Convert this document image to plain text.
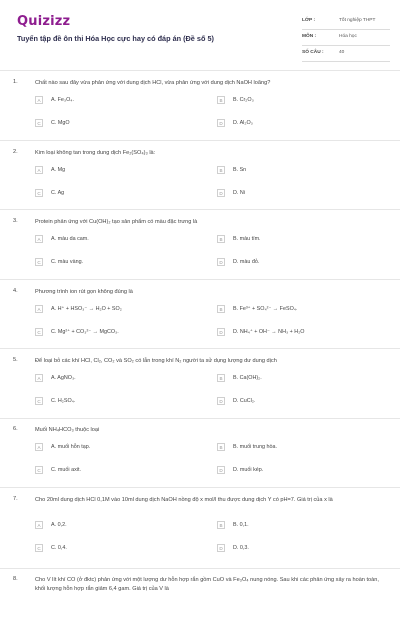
Quizizz
Tuyển tập đề ôn thi Hóa Học cực hay có đáp án (Đề số 5)
LỚP :	Tốt nghiệp THPT
MÔN :	Hóa học
SỐ CÂU :	40
1.	Chất nào sau đây vừa phản ứng với dung dịch HCl, vừa phản ứng với dung dịch NaOH loãng?
A	A. Fe₃O₄.	B	B. Cr₂O₃
C	C. MgO	D	D. Al₂O₃
2.	Kim loại không tan trong dung dịch Fe₂(SO₄)₃ là:
A	A. Mg	B	B. Sn
C	C. Ag	D	D. Ni
3.	Protein phản ứng với Cu(OH)₂ tạo sản phẩm có màu đặc trưng là
A	A. màu da cam.	B	B. màu tím.
C	C. màu vàng.	D	D. màu đỏ.
4.	Phương trình ion rút gọn không đúng là
A	A. H⁺ + HSO₃⁻ → H₂O + SO₂	B	B. Fe³⁺ + SO₄²⁻ → FeSO₄.
C	C. Mg²⁺ + CO₃²⁻ → MgCO₃.	D	D. NH₄⁺ + OH⁻ → NH₃ + H₂O
5.	Để loại bỏ các khí HCl, Cl₂, CO₂ và SO₂ có lẫn trong khí N₂ người ta sử dụng lượng dư dung dịch
A	A. AgNO₃.	B	B. Ca(OH)₂.
C	C. H₂SO₄.	D	D. CuCl₂.
6.	Muối NH₄HCO₃ thuộc loại
A	A. muối hỗn tạp.	B	B. muối trung hòa.
C	C. muối axit.	D	D. muối kép.
7.	Cho 20ml dung dịch HCl 0,1M vào 10ml dung dịch NaOH nồng độ x mol/l thu được dung dịch Y có pH=7. Giá trị của x là
A	A. 0,2.	B	B. 0,1.
C	C. 0,4.	D	D. 0,3.
8.	Cho V lít khí CO (ở đktc) phản ứng với một lượng dư hỗn hợp rắn gồm CuO và Fe₃O₄ nung nóng. Sau khi các phản ứng xảy ra hoàn toàn, khối lượng hỗn hợp rắn giảm 6,4 gam. Giá trị của V là
